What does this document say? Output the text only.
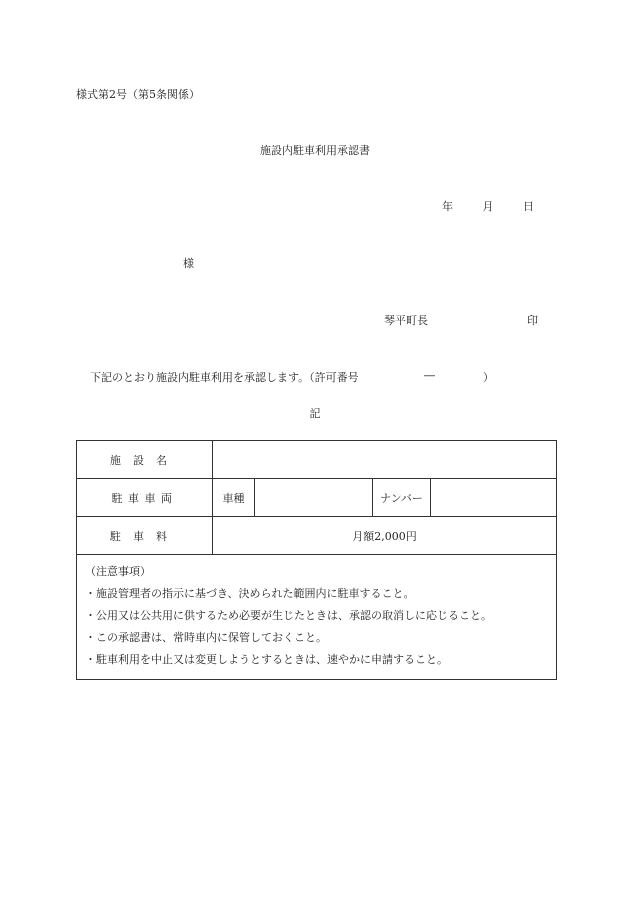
様式第2号（第5条関係）
施設内駐車利用承認書
年	月	日
様
琴平町長	印
下記のとおり施設内駐車利用を承認します。（許可番号	―	）
記
施設名				
駐車車両	車種		ナンバー	
駐車料	月額2,000円			

（注意事項）
・施設管理者の指示に基づき、決められた範囲内に駐車すること。
・公用又は公共用に供するため必要が生じたときは、承認の取消しに応じること。
・この承認書は、常時車内に保管しておくこと。
・駐車利用を中止又は変更しようとするときは、速やかに申請すること。				
